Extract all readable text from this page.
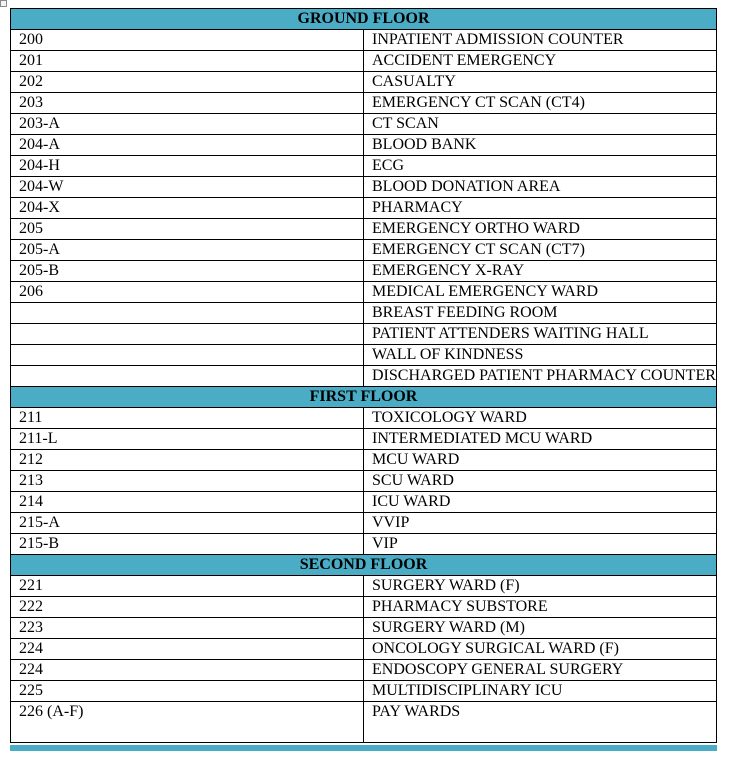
GROUND FLOOR	
200	INPATIENT ADMISSION COUNTER
201	ACCIDENT EMERGENCY
202	CASUALTY
203	EMERGENCY CT SCAN (CT4)
203-A	CT SCAN
204-A	BLOOD BANK
204-H	ECG
204-W	BLOOD DONATION AREA
204-X	PHARMACY
205	EMERGENCY ORTHO WARD
205-A	EMERGENCY CT SCAN (CT7)
205-B	EMERGENCY X-RAY
206	MEDICAL EMERGENCY WARD
	BREAST FEEDING ROOM
	PATIENT ATTENDERS WAITING HALL
	WALL OF KINDNESS
	DISCHARGED PATIENT PHARMACY COUNTER
FIRST FLOOR	
211	TOXICOLOGY WARD
211-L	INTERMEDIATED MCU WARD
212	MCU WARD
213	SCU WARD
214	ICU WARD
215-A	VVIP
215-B	VIP
SECOND FLOOR	
221	SURGERY WARD (F)
222	PHARMACY SUBSTORE
223	SURGERY WARD (M)
224	ONCOLOGY SURGICAL WARD (F)
224	ENDOSCOPY GENERAL SURGERY
225	MULTIDISCIPLINARY ICU
226 (A-F)	PAY WARDS
